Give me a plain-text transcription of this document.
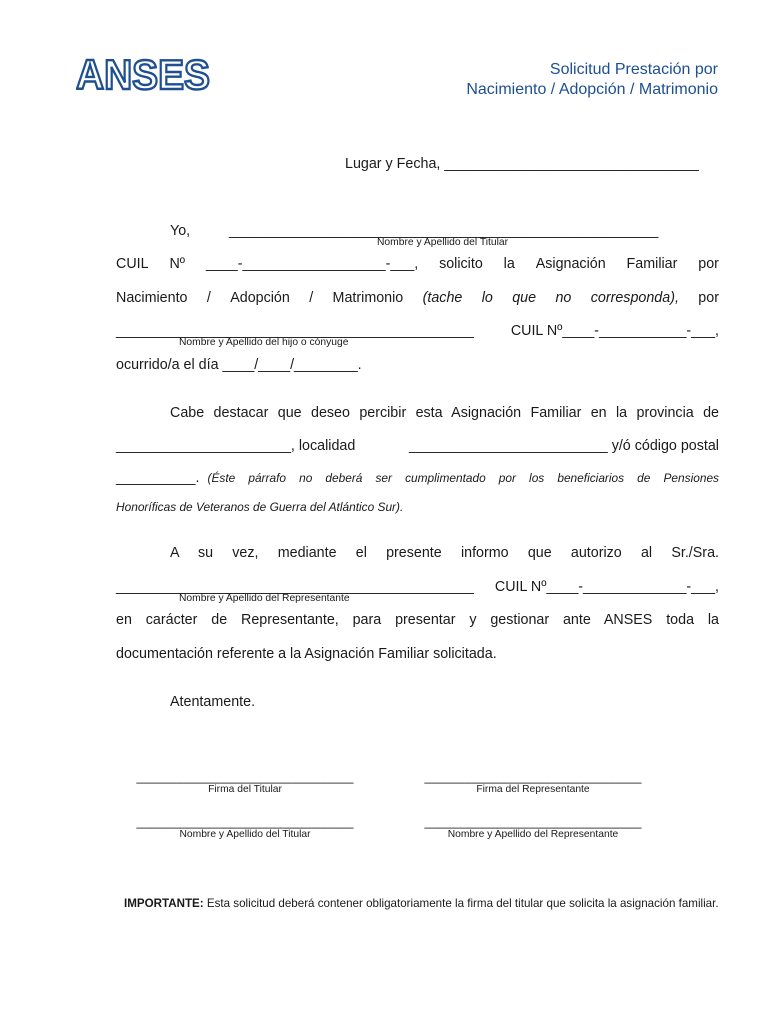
ANSES	Solicitud Prestación por
Nacimiento / Adopción / Matrimonio
Lugar y Fecha, ________________________________
Yo,	______________________________________________________
Nombre y Apellido del Titular
CUIL Nº ____-__________________-___, solicito la Asignación Familiar por
Nacimiento / Adopción / Matrimonio (tache lo que no corresponda), por
_____________________________________________	CUIL Nº____-___________-___,
Nombre y Apellido del hijo o cónyuge
ocurrido/a el día ____/____/________.
Cabe destacar que deseo percibir esta Asignación Familiar en la provincia de
______________________, localidad	_________________________ y/ó código postal
__________. (Éste párrafo no deberá ser cumplimentado por los beneficiarios de Pensiones
Honoríficas de Veteranos de Guerra del Atlántico Sur).
A su vez, mediante el presente informo que autorizo al Sr./Sra.
_____________________________________________ CUIL Nº____-_____________-___,
Nombre y Apellido del Representante
en carácter de Representante, para presentar y gestionar ante ANSES toda la
documentación referente a la Asignación Familiar solicitada.
Atentamente.
______________________________
Firma del Titular
______________________________
Firma del Representante
______________________________
Nombre y Apellido del Titular
______________________________
Nombre y Apellido del Representante
IMPORTANTE: Esta solicitud deberá contener obligatoriamente la firma del titular que solicita la asignación familiar.
